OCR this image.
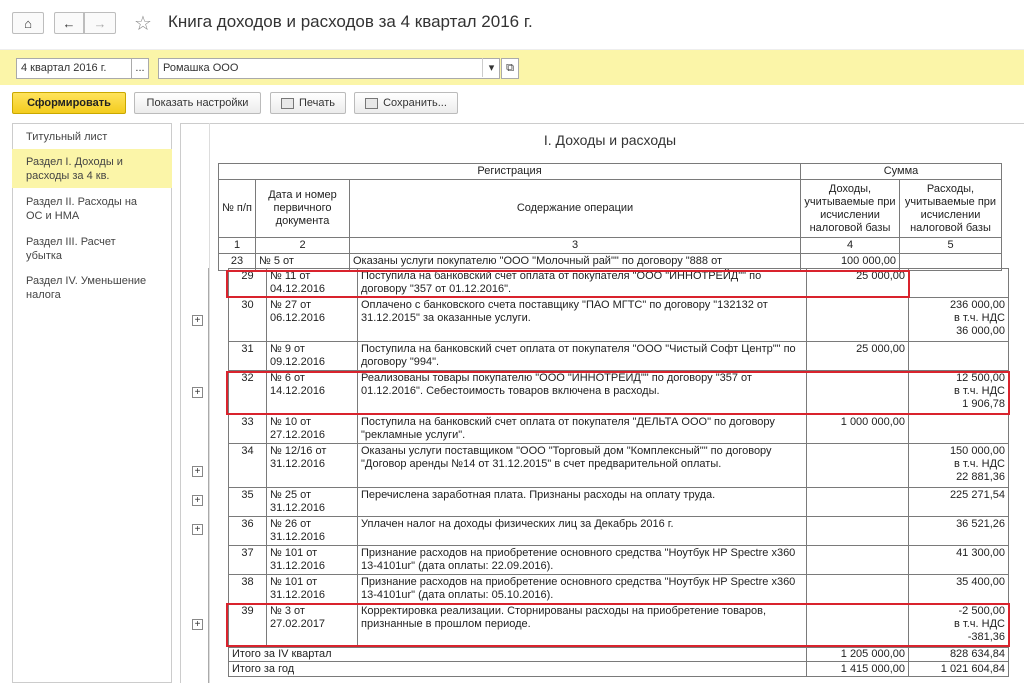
⌂ ← → ☆ Книга доходов и расходов за 4 квартал 2016 г.
4 квартал 2016 г.	...	Ромашка ООО	▾	⧉
Сформировать	Показать настройки	Печать	Сохранить...
Титульный лист
Раздел I. Доходы и расходы за 4 кв.
Раздел II. Расходы на ОС и НМА
Раздел III. Расчет убытка
Раздел IV. Уменьшение налога
+
+
+
+
+
+
I. Доходы и расходы
Регистрация			Сумма	
№ п/п	Дата и номер первичного документа	Содержание операции	Доходы, учитываемые при исчислении налоговой базы	Расходы, учитываемые при исчислении налоговой базы
1	2	3	4	5
23	№ 5 от	Оказаны услуги покупателю "ООО "Молочный рай"" по договору "888 от	100 000,00	
29	№ 11 от 04.12.2016	Поступила на банковский счет оплата от покупателя "ООО "ИННОТРЕЙД"" по договору "357 от 01.12.2016".	25 000,00	
30	№ 27 от 06.12.2016	Оплачено с банковского счета поставщику "ПАО МГТС" по договору "132132 от 31.12.2015" за оказанные услуги.		236 000,00
в т.ч. НДС
36 000,00
31	№ 9 от 09.12.2016	Поступила на банковский счет оплата от покупателя "ООО "Чистый Софт Центр"" по договору "994".	25 000,00	
32	№ 6 от 14.12.2016	Реализованы товары покупателю "ООО "ИННОТРЕЙД"" по договору "357 от 01.12.2016". Себестоимость товаров включена в расходы.		12 500,00
в т.ч. НДС
1 906,78
33	№ 10 от 27.12.2016	Поступила на банковский счет оплата от покупателя "ДЕЛЬТА ООО" по договору "рекламные услуги".	1 000 000,00	
34	№ 12/16 от 31.12.2016	Оказаны услуги поставщиком "ООО "Торговый дом "Комплексный"" по договору "Договор аренды №14 от 31.12.2015" в счет предварительной оплаты.		150 000,00
в т.ч. НДС
22 881,36
35	№ 25 от 31.12.2016	Перечислена заработная плата. Признаны расходы на оплату труда.		225 271,54
36	№ 26 от 31.12.2016	Уплачен налог на доходы физических лиц за Декабрь 2016 г.		36 521,26
37	№ 101 от 31.12.2016	Признание расходов на приобретение основного средства "Ноутбук HP Spectre x360 13-4101ur" (дата оплаты: 22.09.2016).		41 300,00
38	№ 101 от 31.12.2016	Признание расходов на приобретение основного средства "Ноутбук HP Spectre x360 13-4101ur" (дата оплаты: 05.10.2016).		35 400,00
39	№ 3 от 27.02.2017	Корректировка реализации. Сторнированы расходы на приобретение товаров, признанные в прошлом периоде.		-2 500,00
в т.ч. НДС
-381,36
Итого за IV квартал	1 205 000,00	828 634,84
Итого за год	1 415 000,00	1 021 604,84
